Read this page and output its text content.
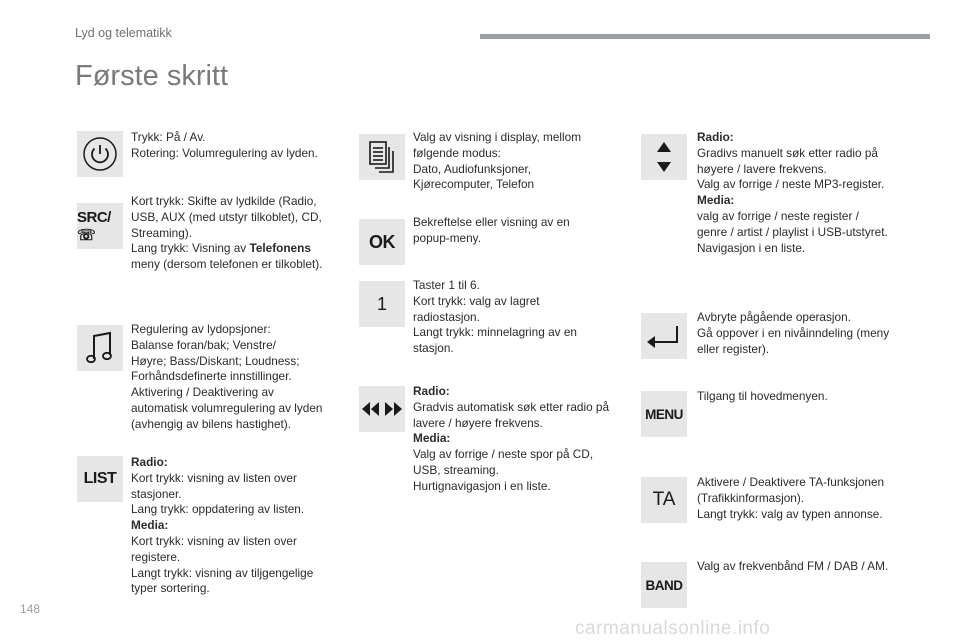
Lyd og telematikk
Første skritt
Trykk: På / Av.
Rotering: Volumregulering av lyden.
SRC/☏
Kort trykk: Skifte av lydkilde (Radio,
USB, AUX (med utstyr tilkoblet), CD,
Streaming).
Lang trykk: Visning av Telefonens
meny (dersom telefonen er tilkoblet).
Regulering av lydopsjoner:
Balanse foran/bak; Venstre/
Høyre; Bass/Diskant; Loudness;
Forhåndsdefinerte innstillinger.
Aktivering / Deaktivering av
automatisk volumregulering av lyden
(avhengig av bilens hastighet).
LIST
Radio:
Kort trykk: visning av listen over
stasjoner.
Lang trykk: oppdatering av listen.
Media:
Kort trykk: visning av listen over
registere.
Langt trykk: visning av tiljgengelige
typer sortering.
Valg av visning i display, mellom
følgende modus:
Dato, Audiofunksjoner,
Kjørecomputer, Telefon
OK
Bekreftelse eller visning av en
popup-meny.
1
Taster 1 til 6.
Kort trykk: valg av lagret
radiostasjon.
Langt trykk: minnelagring av en
stasjon.
Radio:
Gradvis automatisk søk etter radio på
lavere / høyere frekvens.
Media:
Valg av forrige / neste spor på CD,
USB, streaming.
Hurtignavigasjon i en liste.
Radio:
Gradivs manuelt søk etter radio på
høyere / lavere frekvens.
Valg av forrige / neste MP3-register.
Media:
valg av forrige / neste register /
genre / artist / playlist i USB-utstyret.
Navigasjon i en liste.
Avbryte pågående operasjon.
Gå oppover i en nivåinndeling (meny
eller register).
MENU
Tilgang til hovedmenyen.
TA
Aktivere / Deaktivere TA-funksjonen
(Trafikkinformasjon).
Langt trykk: valg av typen annonse.
BAND
Valg av frekvenbånd FM / DAB / AM.
148
carmanualsonline.info
